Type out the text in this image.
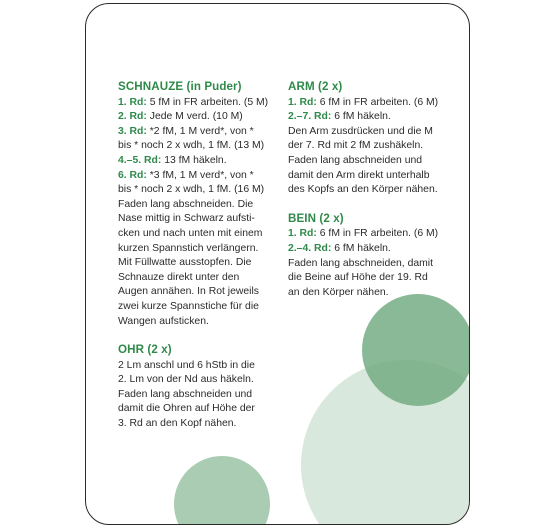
SCHNAUZE (in Puder)
1. Rd: 5 fM in FR arbeiten. (5 M)
2. Rd: Jede M verd. (10 M)
3. Rd: *2 fM, 1 M verd*, von *
bis * noch 2 x wdh, 1 fM. (13 M)
4.–5. Rd: 13 fM häkeln.
6. Rd: *3 fM, 1 M verd*, von *
bis * noch 2 x wdh, 1 fM. (16 M)
Faden lang abschneiden. Die
Nase mittig in Schwarz aufsti-
cken und nach unten mit einem
kurzen Spannstich verlängern.
Mit Füllwatte ausstopfen. Die
Schnauze direkt unter den
Augen annähen. In Rot jeweils
zwei kurze Spannstiche für die
Wangen aufsticken.
OHR (2 x)
2 Lm anschl und 6 hStb in die
2. Lm von der Nd aus häkeln.
Faden lang abschneiden und
damit die Ohren auf Höhe der
3. Rd an den Kopf nähen.
ARM (2 x)
1. Rd: 6 fM in FR arbeiten. (6 M)
2.–7. Rd: 6 fM häkeln.
Den Arm zusdrücken und die M
der 7. Rd mit 2 fM zushäkeln.
Faden lang abschneiden und
damit den Arm direkt unterhalb
des Kopfs an den Körper nähen.
BEIN (2 x)
1. Rd: 6 fM in FR arbeiten. (6 M)
2.–4. Rd: 6 fM häkeln.
Faden lang abschneiden, damit
die Beine auf Höhe der 19. Rd
an den Körper nähen.
